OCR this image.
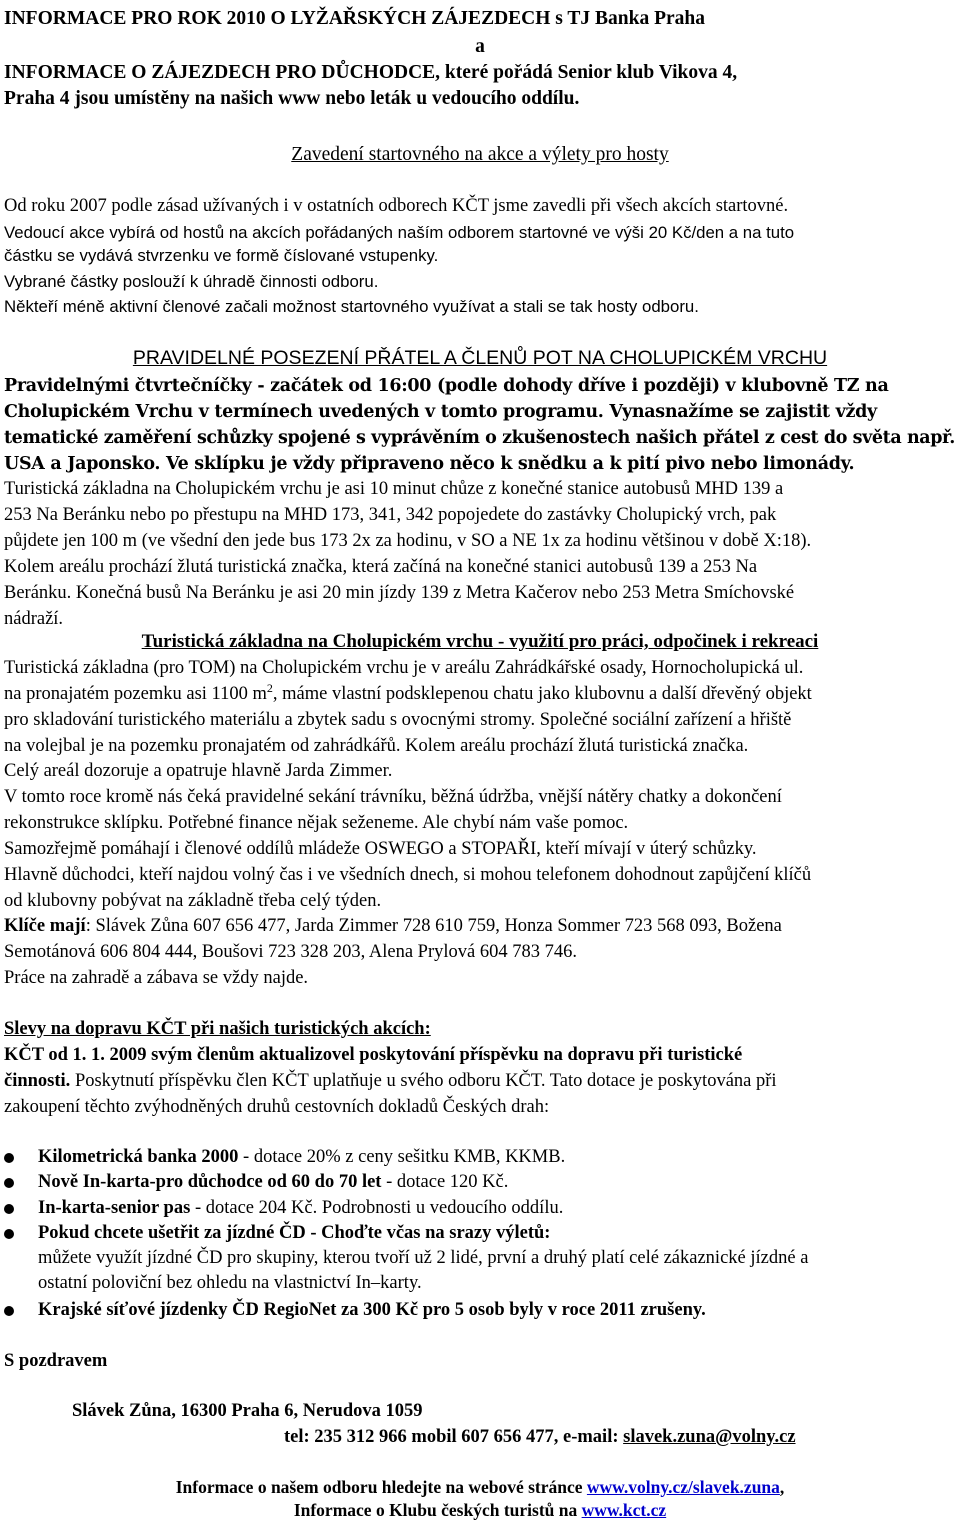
INFORMACE PRO ROK 2010 O LYŽAŘSKÝCH ZÁJEZDECH s TJ Banka Praha
a
INFORMACE O ZÁJEZDECH PRO DŮCHODCE, které pořádá Senior klub Vikova 4,
Praha 4 jsou umístěny na našich www nebo leták u vedoucího oddílu.
Zavedení startovného na akce a výlety pro hosty
Od roku 2007 podle zásad užívaných i v ostatních odborech KČT jsme zavedli při všech akcích startovné.
Vedoucí akce vybírá od hostů na akcích pořádaných naším odborem startovné ve výši 20 Kč/den a na tuto
částku se vydává stvrzenku ve formě číslované vstupenky.
Vybrané částky poslouží k úhradě činnosti odboru.
Někteří méně aktivní členové začali možnost startovného využívat a stali se tak hosty odboru.
PRAVIDELNÉ POSEZENÍ PŘÁTEL A ČLENŮ POT NA CHOLUPICKÉM VRCHU
Pravidelnými čtvrtečníčky - začátek od 16:00 (podle dohody dříve i později) v klubovně TZ na
Cholupickém Vrchu v termínech uvedených v tomto programu. Vynasnažíme se zajistit vždy
tematické zaměření schůzky spojené s vyprávěním o zkušenostech našich přátel z cest do světa např.
USA a Japonsko. Ve sklípku je vždy připraveno něco k snědku a k pití pivo nebo limonády.
Turistická základna na Cholupickém vrchu je asi 10 minut chůze z konečné stanice autobusů MHD 139 a
253 Na Beránku nebo po přestupu na MHD 173, 341, 342 popojedete do zastávky Cholupický vrch, pak
půjdete jen 100 m (ve všední den jede bus 173 2x za hodinu, v SO a NE 1x za hodinu většinou v době X:18).
Kolem areálu prochází žlutá turistická značka, která začíná na konečné stanici autobusů 139 a 253 Na
Beránku. Konečná busů Na Beránku je asi 20 min jízdy 139 z Metra Kačerov nebo 253 Metra Smíchovské
nádraží.
Turistická základna na Cholupickém vrchu - využití pro práci, odpočinek i rekreaci
Turistická základna (pro TOM) na Cholupickém vrchu je v areálu Zahrádkářské osady, Hornocholupická ul.
na pronajatém pozemku asi 1100 $m^2$, máme vlastní podsklepenou chatu jako klubovnu a další dřevěný objekt
pro skladování turistického materiálu a zbytek sadu s ovocnými stromy. Společné sociální zařízení a hřiště
na volejbal je na pozemku pronajatém od zahrádkářů. Kolem areálu prochází žlutá turistická značka.
Celý areál dozoruje a opatruje hlavně Jarda Zimmer.
V tomto roce kromě nás čeká pravidelné sekání trávníku, běžná údržba, vnější nátěry chatky a dokončení
rekonstrukce sklípku. Potřebné finance nějak seženeme. Ale chybí nám vaše pomoc.
Samozřejmě pomáhají i členové oddílů mládeže OSWEGO a STOPAŘI, kteří mívají v úterý schůzky.
Hlavně důchodci, kteří najdou volný čas i ve všedních dnech, si mohou telefonem dohodnout zapůjčení klíčů
od klubovny pobývat na základně třeba celý týden.
Klíče mají: Slávek Zůna 607 656 477, Jarda Zimmer 728 610 759, Honza Sommer 723 568 093, Božena
Semotánová 606 804 444, Boušovi 723 328 203, Alena Prylová 604 783 746.
Práce na zahradě a zábava se vždy najde.
Slevy na dopravu KČT při našich turistických akcích:
KČT od 1. 1. 2009 svým členům aktualizovel poskytování příspěvku na dopravu při turistické
činnosti. Poskytnutí příspěvku člen KČT uplatňuje u svého odboru KČT. Tato dotace je poskytována při
zakoupení těchto zvýhodněných druhů cestovních dokladů Českých drah:
Kilometrická banka 2000 - dotace 20% z ceny sešitku KMB, KKMB.
Nově In-karta-pro důchodce od 60 do 70 let - dotace 120 Kč.
In-karta-senior pas - dotace 204 Kč. Podrobnosti u vedoucího oddílu.
Pokud chcete ušetřit za jízdné ČD - Choďte včas na srazy výletů:
můžete využít jízdné ČD pro skupiny, kterou tvoří už 2 lidé, první a druhý platí celé zákaznické jízdné a
ostatní poloviční bez ohledu na vlastnictví In–karty.
Krajské síťové jízdenky ČD RegioNet za 300 Kč pro 5 osob byly v roce 2011 zrušeny.
S pozdravem
Slávek Zůna, 16300 Praha 6, Nerudova 1059
tel: 235 312 966 mobil 607 656 477, e-mail: slavek.zuna@volny.cz
Informace o našem odboru hledejte na webové stránce www.volny.cz/slavek.zuna,
Informace o Klubu českých turistů na www.kct.cz
